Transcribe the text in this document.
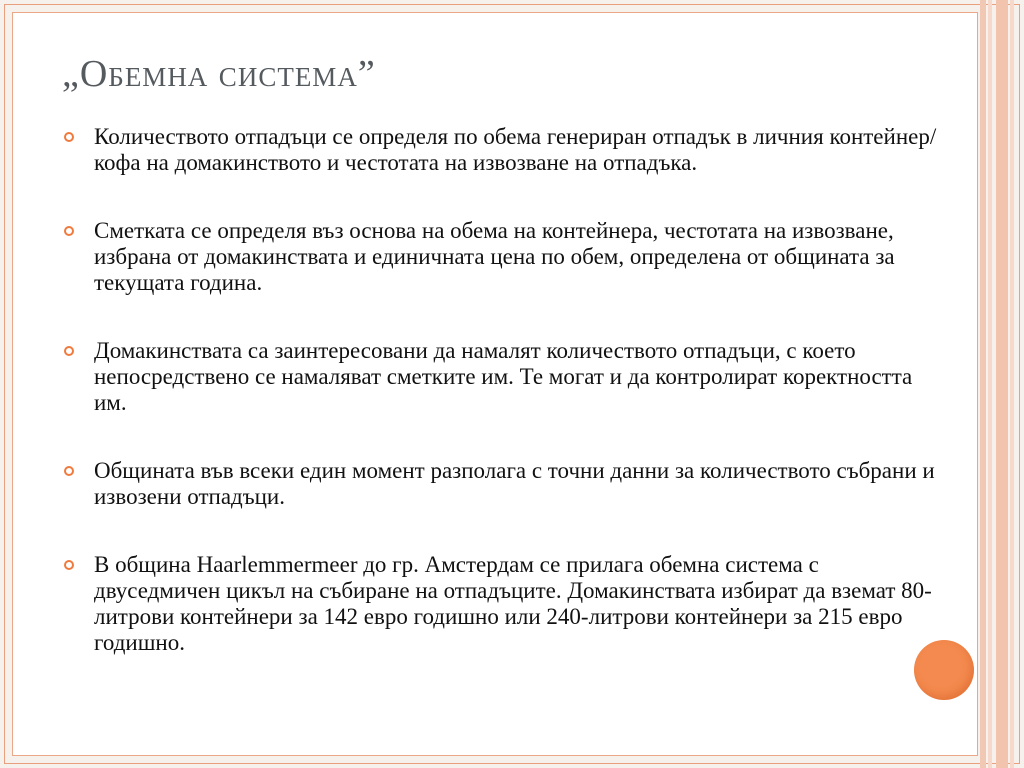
„Обемна система”
Количеството отпадъци се определя по обема генериран отпадък в личния контейнер/ кофа на домакинството и честотата на извозване на отпадъка.
Сметката се определя въз основа на обема на контейнера, честотата на извозване, избрана от домакинствата и единичната цена по обем, определена от общината за текущата година.
Домакинствата са заинтересовани да намалят количеството отпадъци, с което непосредствено се намаляват сметките им. Те могат и да контролират коректността им.
Общината във всеки един момент разполага с точни данни за количеството събрани и извозени отпадъци.
В община Haarlemmermeer до гр. Амстердам се прилага обемна система с двуседмичен цикъл на събиране на отпадъците. Домакинствата избират да вземат 80-литрови контейнери за 142 евро годишно или 240-литрови контейнери за 215 евро годишно.
